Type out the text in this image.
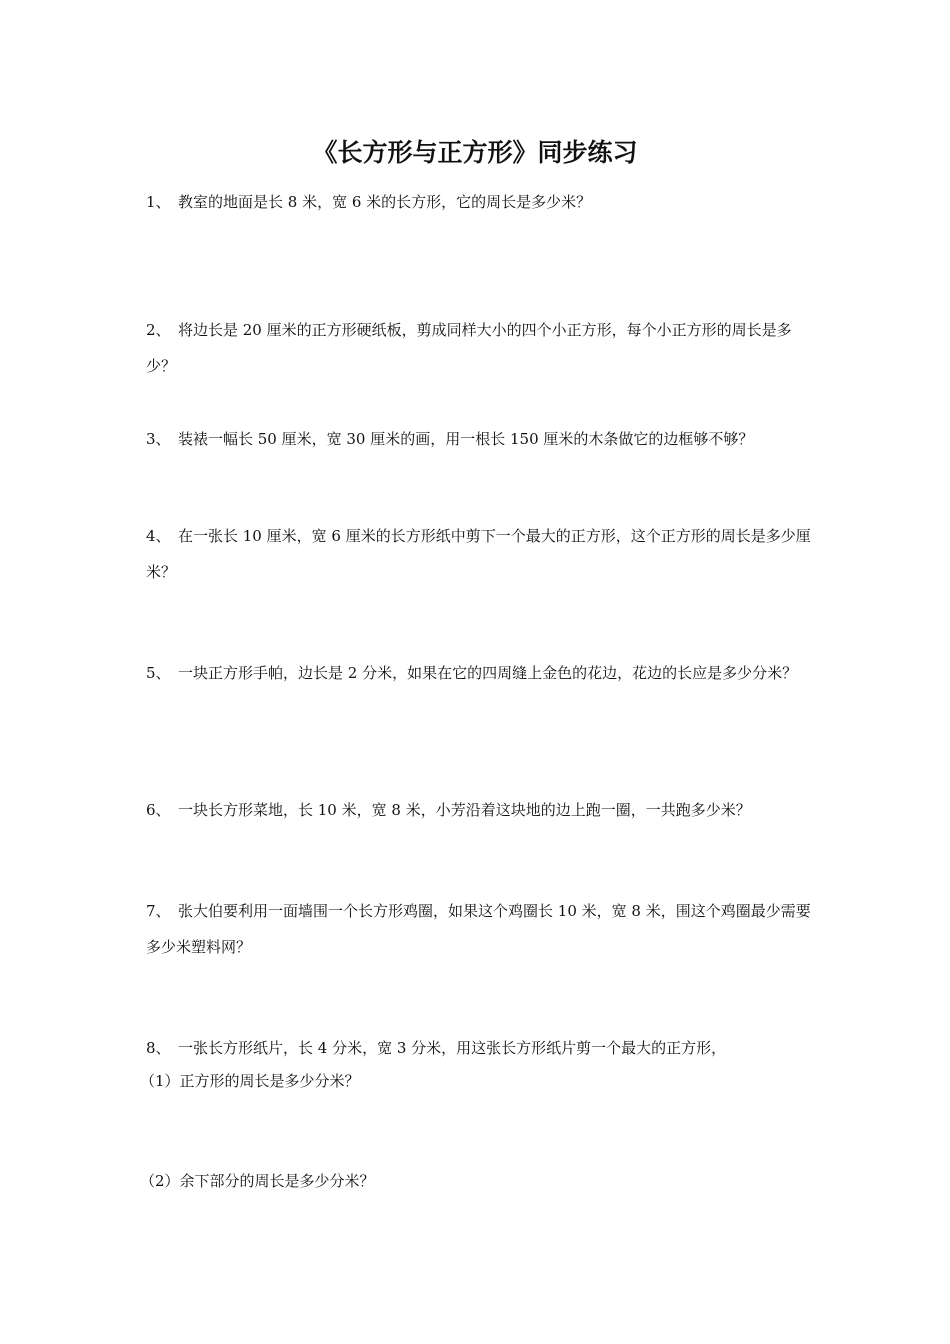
《长方形与正方形》同步练习
1、 教室的地面是长 8 米，宽 6 米的长方形，它的周长是多少米？
2、 将边长是 20 厘米的正方形硬纸板，剪成同样大小的四个小正方形，每个小正方形的周长是多少？
3、 装裱一幅长 50 厘米，宽 30 厘米的画，用一根长 150 厘米的木条做它的边框够不够？
4、 在一张长 10 厘米，宽 6 厘米的长方形纸中剪下一个最大的正方形，这个正方形的周长是多少厘米？
5、 一块正方形手帕，边长是 2 分米，如果在它的四周缝上金色的花边，花边的长应是多少分米？
6、 一块长方形菜地，长 10 米，宽 8 米，小芳沿着这块地的边上跑一圈，一共跑多少米？
7、 张大伯要利用一面墙围一个长方形鸡圈，如果这个鸡圈长 10 米，宽 8 米，围这个鸡圈最少需要多少米塑料网？
8、 一张长方形纸片，长 4 分米，宽 3 分米，用这张长方形纸片剪一个最大的正方形，
（1）正方形的周长是多少分米？
（2）余下部分的周长是多少分米？
